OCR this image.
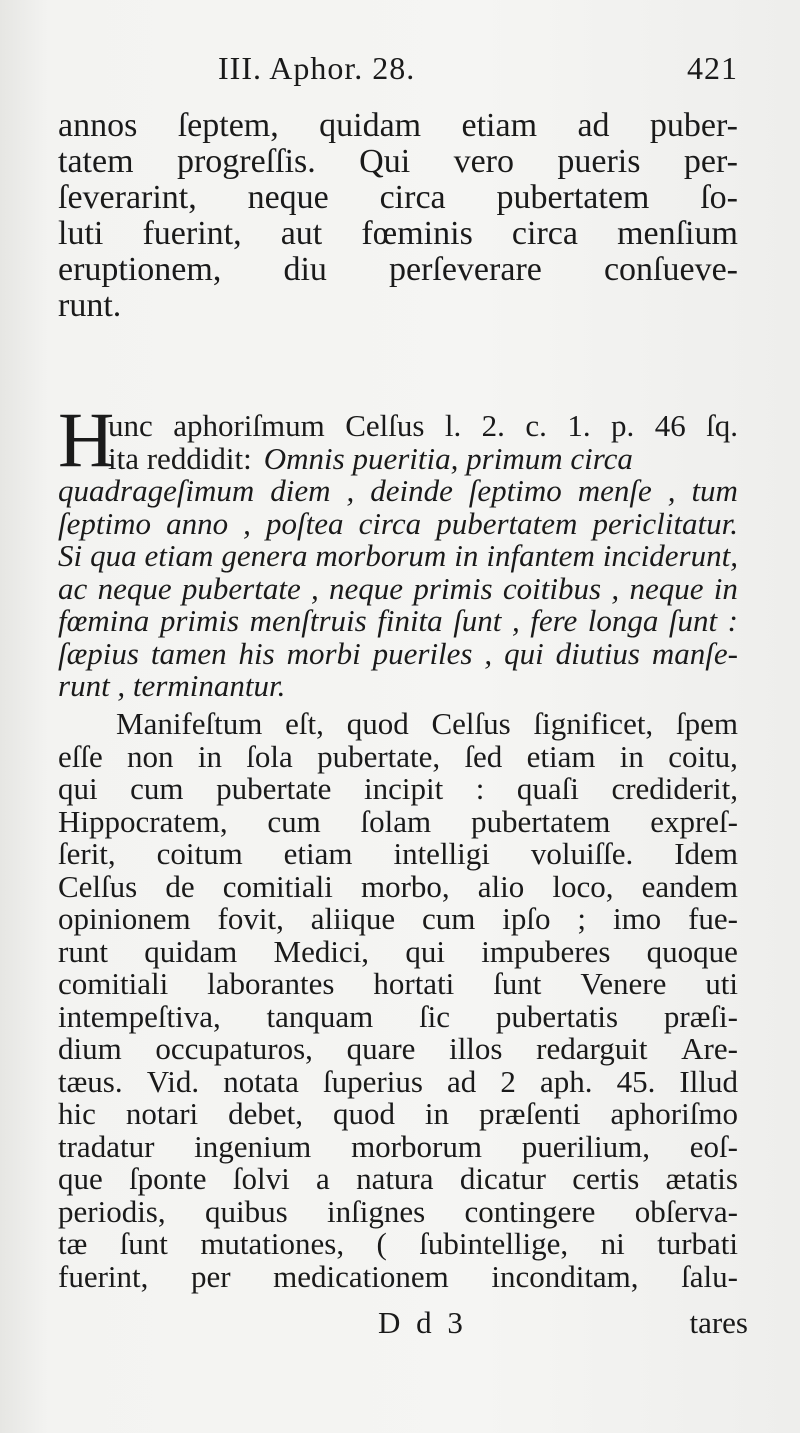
III. Aphor. 28.	421
annos ſeptem, quidam etiam ad puber-
tatem progreſſis. Qui vero pueris per-
ſeverarint, neque circa pubertatem ſo-
luti fuerint, aut fœminis circa menſium
eruptionem, diu perſeverare conſueve-
runt.
H
unc aphoriſmum Celſus l. 2. c. 1. p. 46 ſq.
ita reddidit: Omnis pueritia, primum circa
quadrageſimum diem , deinde ſeptimo menſe , tum
ſeptimo anno , poſtea circa pubertatem periclitatur.
Si qua etiam genera morborum in infantem inciderunt,
ac neque pubertate , neque primis coitibus , neque in
fœmina primis menſtruis finita ſunt , fere longa ſunt :
ſæpius tamen his morbi pueriles , qui diutius manſe-
runt , terminantur.
Manifeſtum eſt, quod Celſus ſignificet, ſpem
eſſe non in ſola pubertate, ſed etiam in coitu,
qui cum pubertate incipit : quaſi crediderit,
Hippocratem, cum ſolam pubertatem expreſ-
ſerit, coitum etiam intelligi voluiſſe. Idem
Celſus de comitiali morbo, alio loco, eandem
opinionem fovit, aliique cum ipſo ; imo fue-
runt quidam Medici, qui impuberes quoque
comitiali laborantes hortati ſunt Venere uti
intempeſtiva, tanquam ſic pubertatis præſi-
dium occupaturos, quare illos redarguit Are-
tæus. Vid. notata ſuperius ad 2 aph. 45. Illud
hic notari debet, quod in præſenti aphoriſmo
tradatur ingenium morborum puerilium, eoſ-
que ſponte ſolvi a natura dicatur certis ætatis
periodis, quibus inſignes contingere obſerva-
tæ ſunt mutationes, ( ſubintellige, ni turbati
fuerint, per medicationem inconditam, ſalu-
D d 3	tares
